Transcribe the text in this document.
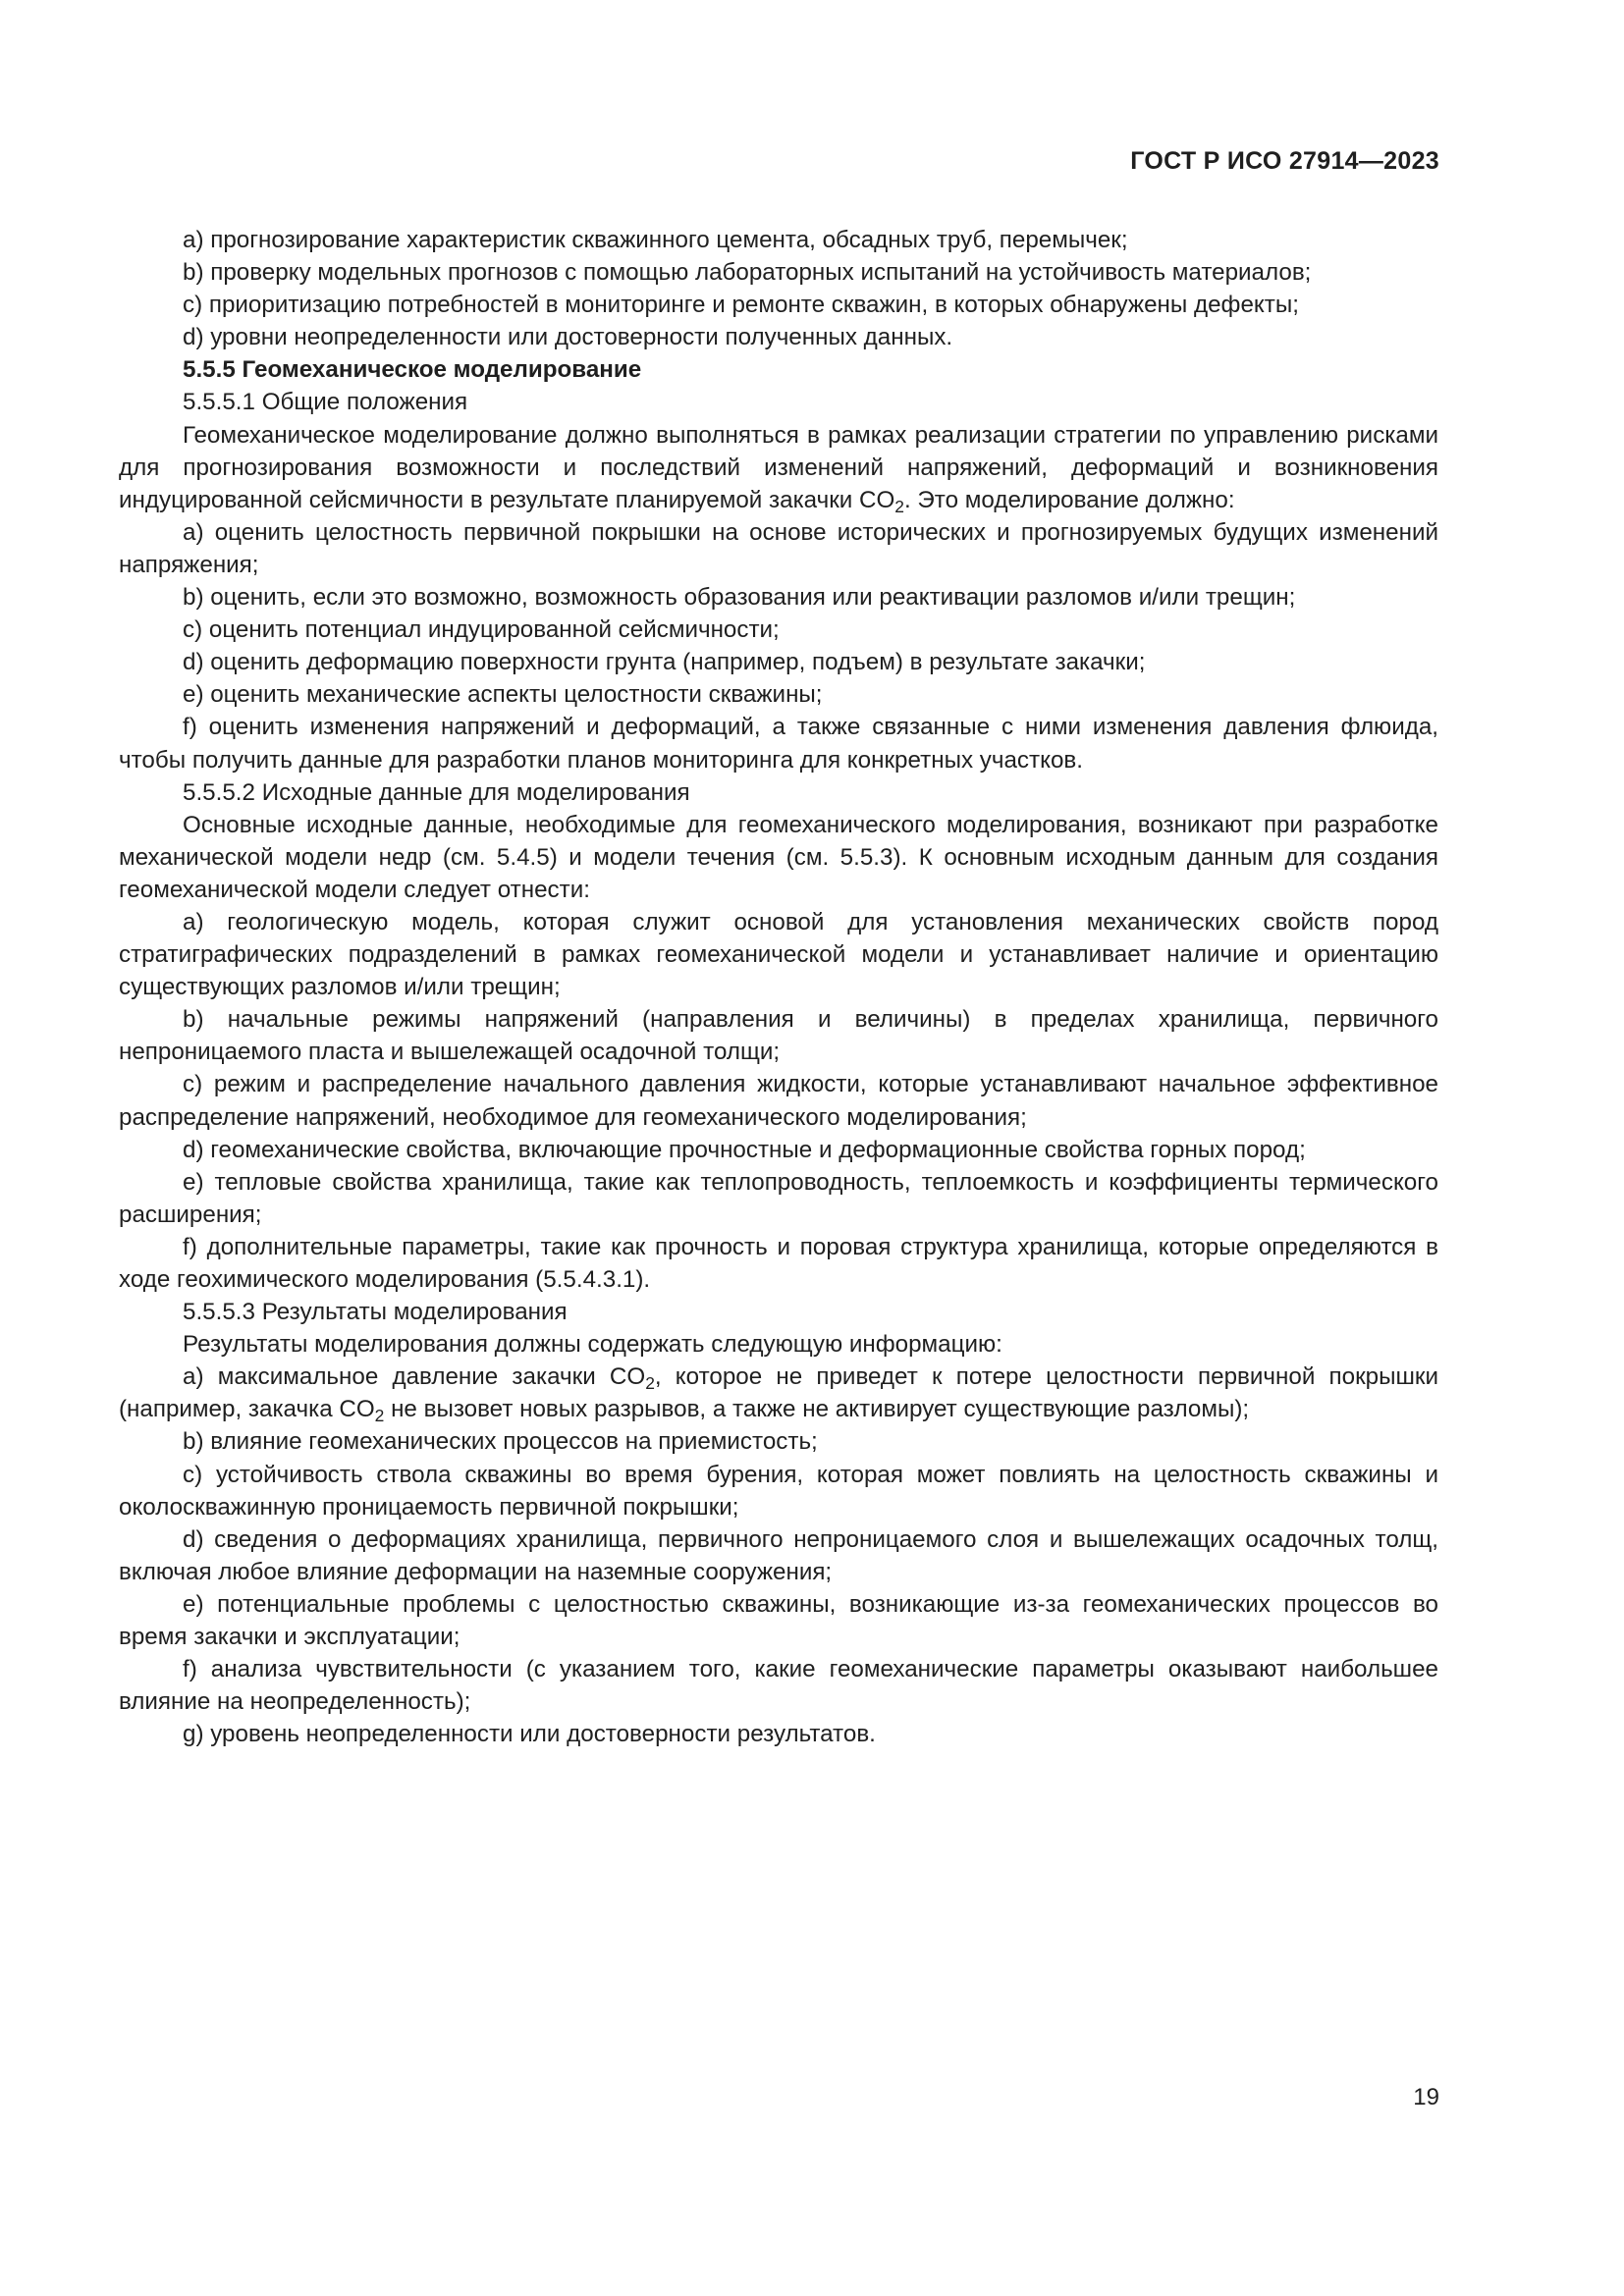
ГОСТ Р ИСО 27914—2023

а) прогнозирование характеристик скважинного цемента, обсадных труб, перемычек;

b) проверку модельных прогнозов с помощью лабораторных испытаний на устойчивость материалов;

c) приоритизацию потребностей в мониторинге и ремонте скважин, в которых обнаружены дефекты;

d) уровни неопределенности или достоверности полученных данных.

5.5.5 Геомеханическое моделирование

5.5.5.1 Общие положения

Геомеханическое моделирование должно выполняться в рамках реализации стратегии по управлению рисками для прогнозирования возможности и последствий изменений напряжений, деформаций и возникновения индуцированной сейсмичности в результате планируемой закачки $CO_2$. Это моделирование должно:

а) оценить целостность первичной покрышки на основе исторических и прогнозируемых будущих изменений напряжения;

b) оценить, если это возможно, возможность образования или реактивации разломов и/или трещин;

c) оценить потенциал индуцированной сейсмичности;

d) оценить деформацию поверхности грунта (например, подъем) в результате закачки;

e) оценить механические аспекты целостности скважины;

f) оценить изменения напряжений и деформаций, а также связанные с ними изменения давления флюида, чтобы получить данные для разработки планов мониторинга для конкретных участков.

5.5.5.2 Исходные данные для моделирования

Основные исходные данные, необходимые для геомеханического моделирования, возникают при разработке механической модели недр (см. 5.4.5) и модели течения (см. 5.5.3). К основным исходным данным для создания геомеханической модели следует отнести:

а) геологическую модель, которая служит основой для установления механических свойств пород стратиграфических подразделений в рамках геомеханической модели и устанавливает наличие и ориентацию существующих разломов и/или трещин;

b) начальные режимы напряжений (направления и величины) в пределах хранилища, первичного непроницаемого пласта и вышележащей осадочной толщи;

c) режим и распределение начального давления жидкости, которые устанавливают начальное эффективное распределение напряжений, необходимое для геомеханического моделирования;

d) геомеханические свойства, включающие прочностные и деформационные свойства горных пород;

e) тепловые свойства хранилища, такие как теплопроводность, теплоемкость и коэффициенты термического расширения;

f) дополнительные параметры, такие как прочность и поровая структура хранилища, которые определяются в ходе геохимического моделирования (5.5.4.3.1).

5.5.5.3 Результаты моделирования

Результаты моделирования должны содержать следующую информацию:

а) максимальное давление закачки $CO_2$, которое не приведет к потере целостности первичной покрышки (например, закачка $CO_2$ не вызовет новых разрывов, а также не активирует существующие разломы);

b) влияние геомеханических процессов на приемистость;

c) устойчивость ствола скважины во время бурения, которая может повлиять на целостность скважины и околоскважинную проницаемость первичной покрышки;

d) сведения о деформациях хранилища, первичного непроницаемого слоя и вышележащих осадочных толщ, включая любое влияние деформации на наземные сооружения;

e) потенциальные проблемы с целостностью скважины, возникающие из-за геомеханических процессов во время закачки и эксплуатации;

f) анализа чувствительности (с указанием того, какие геомеханические параметры оказывают наибольшее влияние на неопределенность);

g) уровень неопределенности или достоверности результатов.

19
